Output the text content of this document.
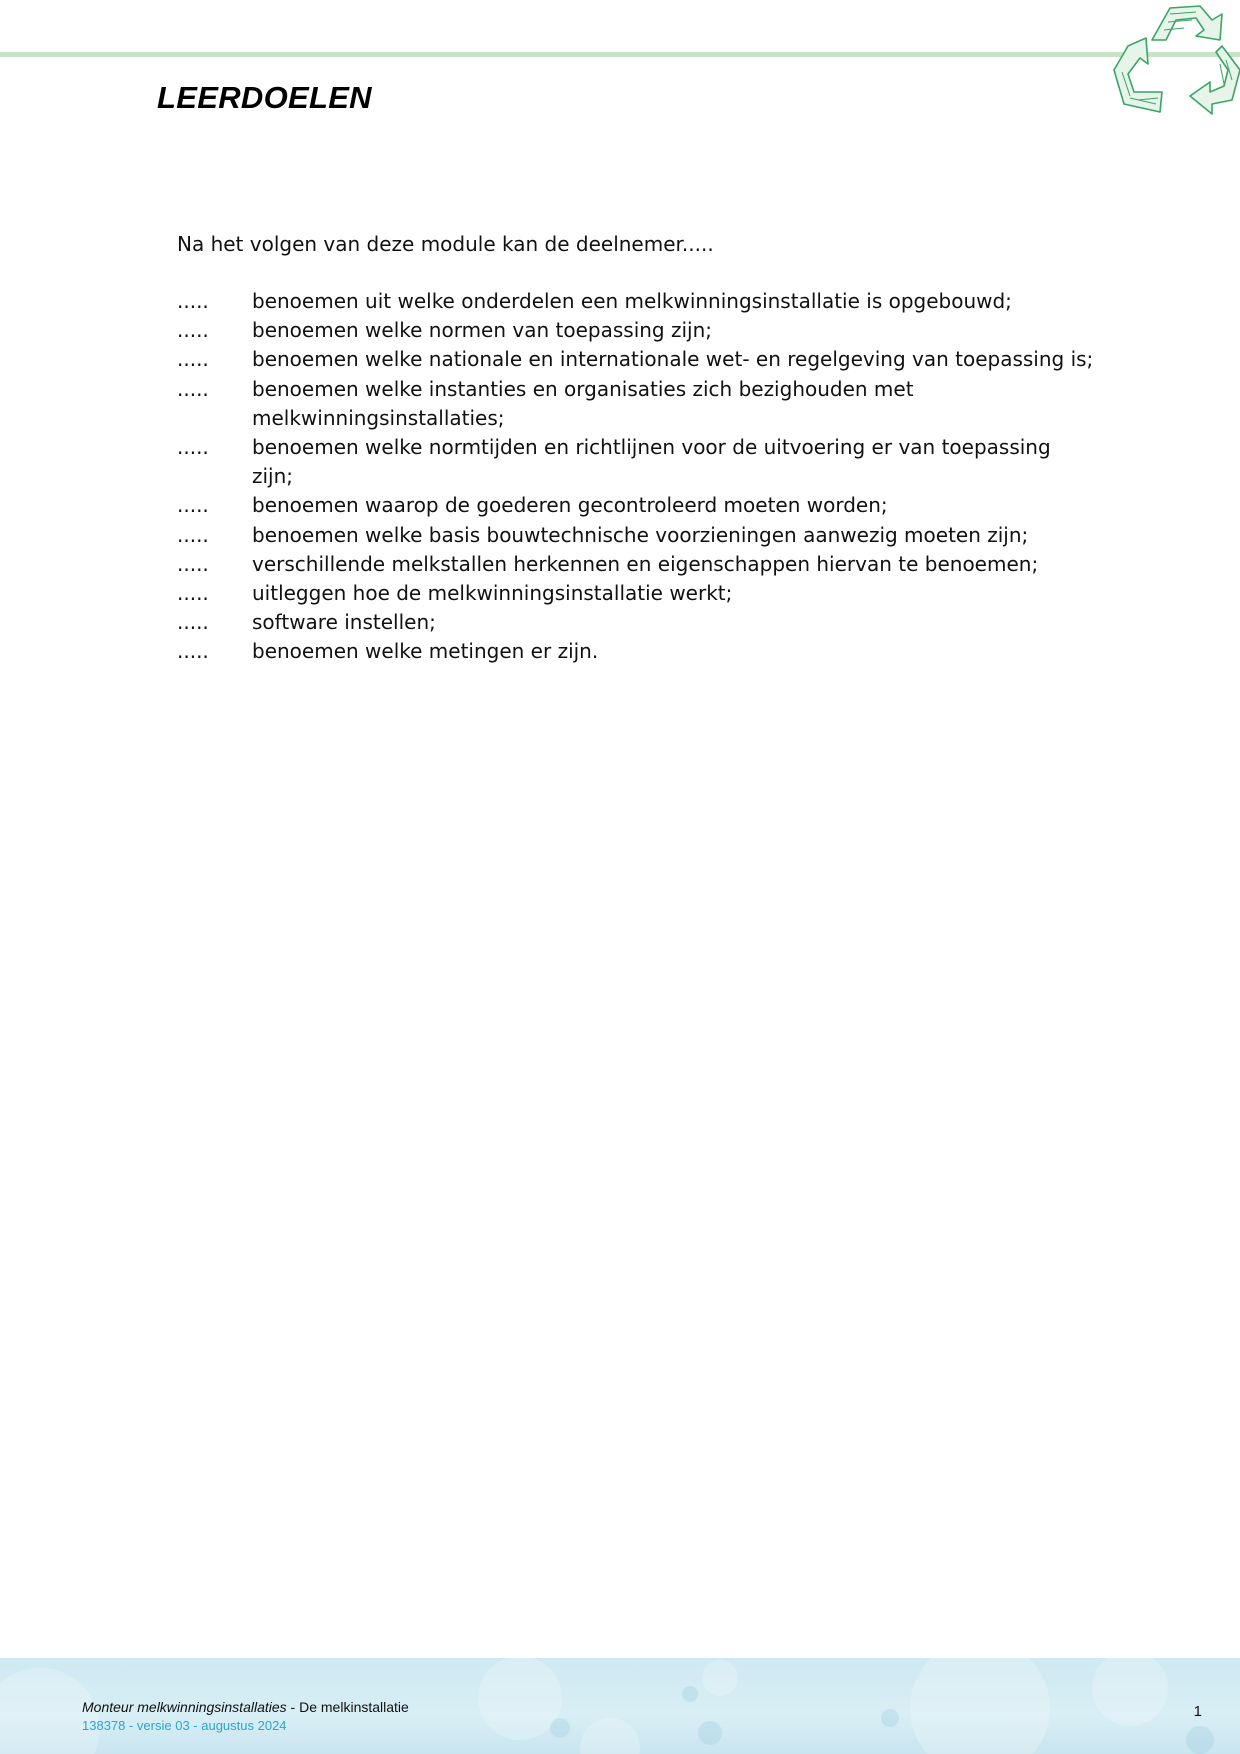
LEERDOELEN
Na het volgen van deze module kan de deelnemer.....
.....	benoemen uit welke onderdelen een melkwinningsinstallatie is opgebouwd;
.....	benoemen welke normen van toepassing zijn;
.....	benoemen welke nationale en internationale wet- en regelgeving van toepassing is;
.....	benoemen welke instanties en organisaties zich bezighouden met melkwinningsinstallaties;
.....	benoemen welke normtijden en richtlijnen voor de uitvoering er van toepassing zijn;
.....	benoemen waarop de goederen gecontroleerd moeten worden;
.....	benoemen welke basis bouwtechnische voorzieningen aanwezig moeten zijn;
.....	verschillende melkstallen herkennen en eigenschappen hiervan te benoemen;
.....	uitleggen hoe de melkwinningsinstallatie werkt;
.....	software instellen;
.....	benoemen welke metingen er zijn.
Monteur melkwinningsinstallaties - De melkinstallatie
138378 - versie 03 - augustus 2024
1
